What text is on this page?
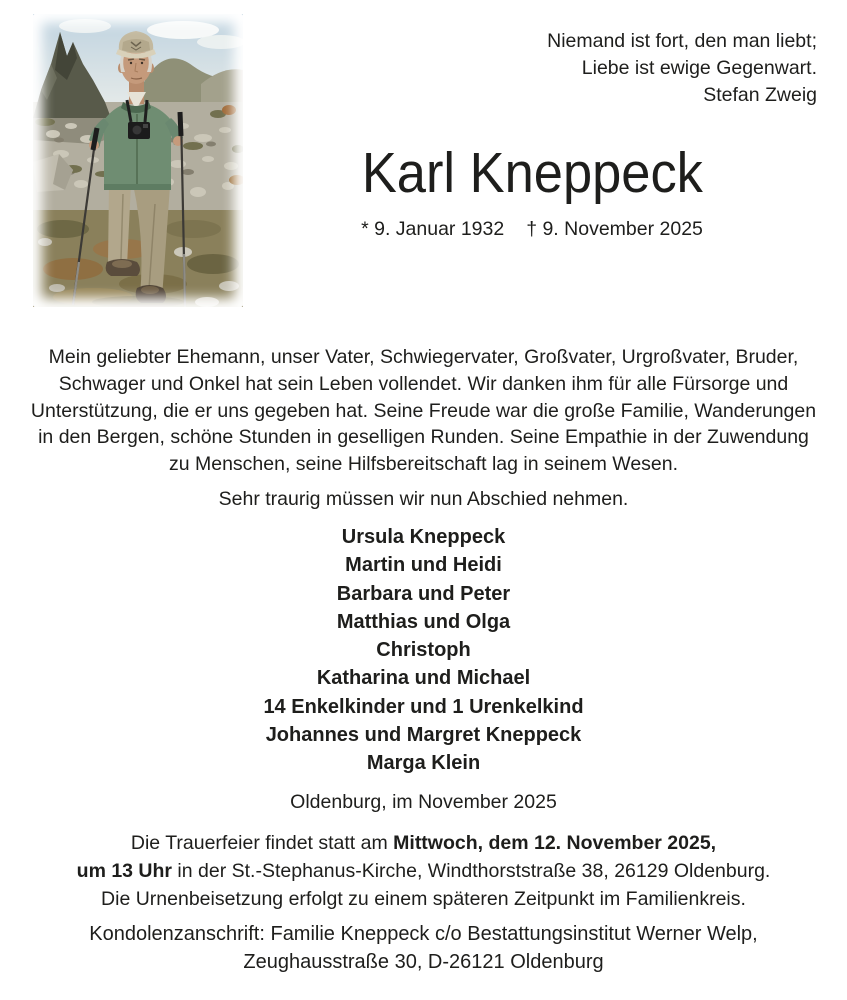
Niemand ist fort, den man liebt;
Liebe ist ewige Gegenwart.
Stefan Zweig
Karl Kneppeck
* 9. Januar 1932 † 9. November 2025
Mein geliebter Ehemann, unser Vater, Schwiegervater, Großvater, Urgroßvater, Bruder,
Schwager und Onkel hat sein Leben vollendet. Wir danken ihm für alle Fürsorge und
Unterstützung, die er uns gegeben hat. Seine Freude war die große Familie, Wanderungen
in den Bergen, schöne Stunden in geselligen Runden. Seine Empathie in der Zuwendung
zu Menschen, seine Hilfsbereitschaft lag in seinem Wesen.
Sehr traurig müssen wir nun Abschied nehmen.
Ursula Kneppeck
Martin und Heidi
Barbara und Peter
Matthias und Olga
Christoph
Katharina und Michael
14 Enkelkinder und 1 Urenkelkind
Johannes und Margret Kneppeck
Marga Klein
Oldenburg, im November 2025
Die Trauerfeier findet statt am Mittwoch, dem 12. November 2025,
um 13 Uhr in der St.-Stephanus-Kirche, Windthorststraße 38, 26129 Oldenburg.
Die Urnenbeisetzung erfolgt zu einem späteren Zeitpunkt im Familienkreis.
Kondolenzanschrift: Familie Kneppeck c/o Bestattungsinstitut Werner Welp,
Zeughausstraße 30, D-26121 Oldenburg
